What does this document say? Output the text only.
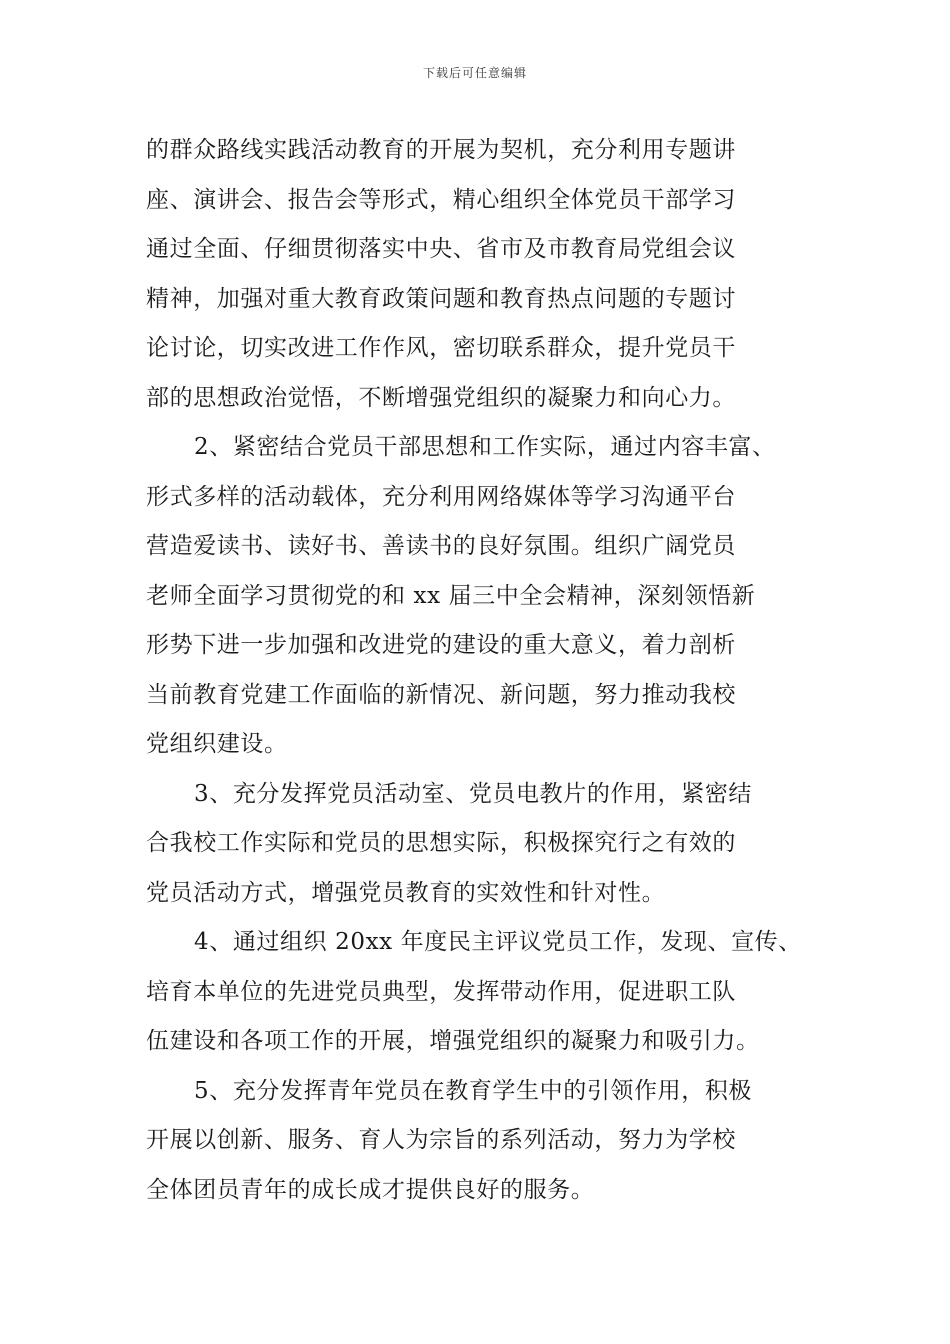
下载后可任意编辑
的群众路线实践活动教育的开展为契机，充分利用专题讲
座、演讲会、报告会等形式，精心组织全体党员干部学习
通过全面、仔细贯彻落实中央、省市及市教育局党组会议
精神，加强对重大教育政策问题和教育热点问题的专题讨
论讨论，切实改进工作作风，密切联系群众，提升党员干
部的思想政治觉悟，不断增强党组织的凝聚力和向心力。
2、紧密结合党员干部思想和工作实际，通过内容丰富、
形式多样的活动载体，充分利用网络媒体等学习沟通平台
营造爱读书、读好书、善读书的良好氛围。组织广阔党员
老师全面学习贯彻党的和 xx 届三中全会精神，深刻领悟新
形势下进一步加强和改进党的建设的重大意义，着力剖析
当前教育党建工作面临的新情况、新问题，努力推动我校
党组织建设。
3、充分发挥党员活动室、党员电教片的作用，紧密结
合我校工作实际和党员的思想实际，积极探究行之有效的
党员活动方式，增强党员教育的实效性和针对性。
4、通过组织 20xx 年度民主评议党员工作，发现、宣传、
培育本单位的先进党员典型，发挥带动作用，促进职工队
伍建设和各项工作的开展，增强党组织的凝聚力和吸引力。
5、充分发挥青年党员在教育学生中的引领作用，积极
开展以创新、服务、育人为宗旨的系列活动，努力为学校
全体团员青年的成长成才提供良好的服务。
